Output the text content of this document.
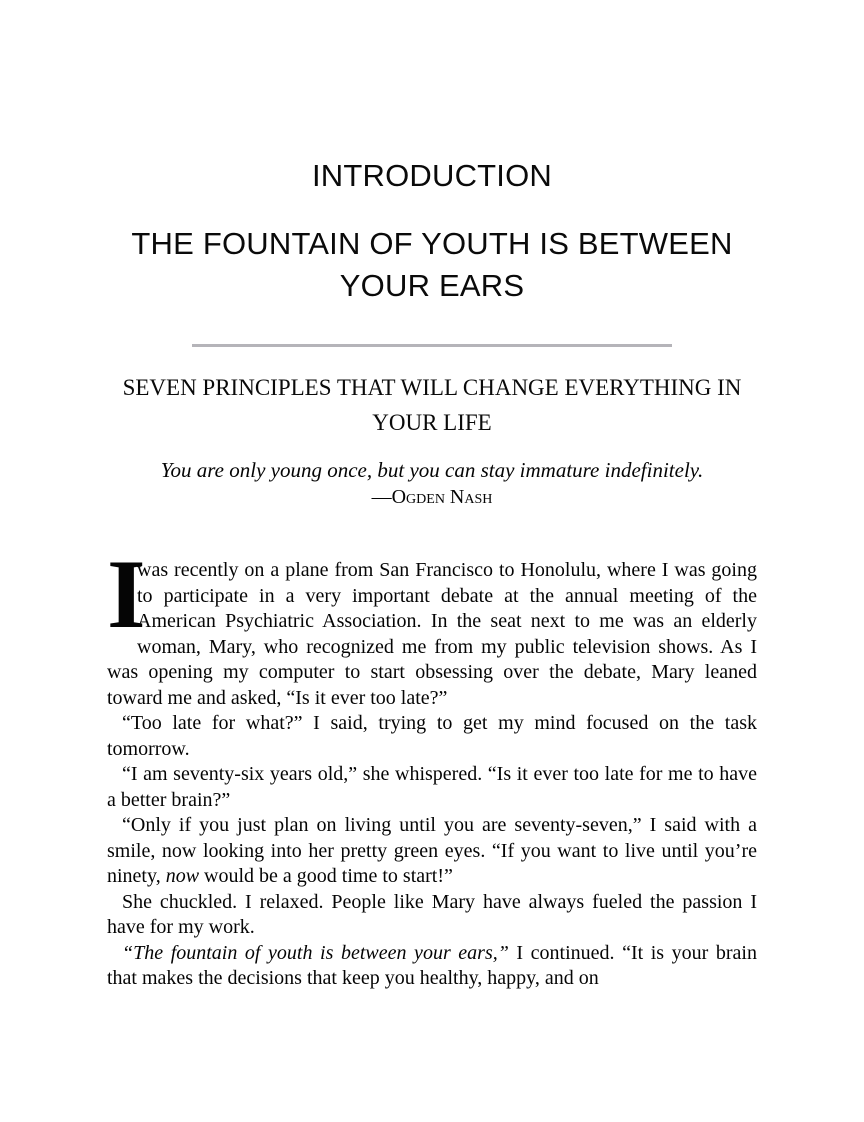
INTRODUCTION
THE FOUNTAIN OF YOUTH IS BETWEEN
YOUR EARS
SEVEN PRINCIPLES THAT WILL CHANGE EVERYTHING IN
YOUR LIFE

You are only young once, but you can stay immature indefinitely.

—Ogden Nash

I
was recently on a plane from San Francisco to Honolulu, where I was going to participate in a very important debate at the annual meeting of the American Psychiatric Association. In the seat next to me was an elderly woman, Mary, who recognized me from my public television shows. As I was opening my computer to start obsessing over the debate, Mary leaned toward me and asked, “Is it ever too late?”

“Too late for what?” I said, trying to get my mind focused on the task tomorrow.

“I am seventy-six years old,” she whispered. “Is it ever too late for me to have a better brain?”

“Only if you just plan on living until you are seventy-seven,” I said with a smile, now looking into her pretty green eyes. “If you want to live until you’re ninety, now would be a good time to start!”

She chuckled. I relaxed. People like Mary have always fueled the passion I have for my work.

“The fountain of youth is between your ears,” I continued. “It is your brain that makes the decisions that keep you healthy, happy, and on
